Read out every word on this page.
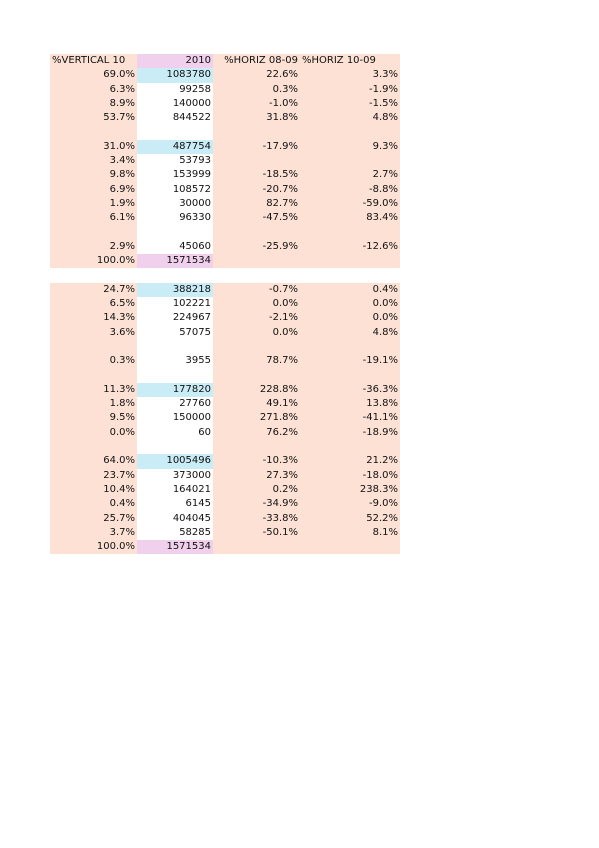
%VERTICAL 10	2010	%HORIZ 08-09	%HORIZ 10-09
69.0%	1083780	22.6%	3.3%
6.3%	99258	0.3%	-1.9%
8.9%	140000	-1.0%	-1.5%
53.7%	844522	31.8%	4.8%

31.0%	487754	-17.9%	9.3%
3.4%	53793		
9.8%	153999	-18.5%	2.7%
6.9%	108572	-20.7%	-8.8%
1.9%	30000	82.7%	-59.0%
6.1%	96330	-47.5%	83.4%

2.9%	45060	-25.9%	-12.6%
100.0%	1571534		

24.7%	388218	-0.7%	0.4%
6.5%	102221	0.0%	0.0%
14.3%	224967	-2.1%	0.0%
3.6%	57075	0.0%	4.8%

0.3%	3955	78.7%	-19.1%

11.3%	177820	228.8%	-36.3%
1.8%	27760	49.1%	13.8%
9.5%	150000	271.8%	-41.1%
0.0%	60	76.2%	-18.9%

64.0%	1005496	-10.3%	21.2%
23.7%	373000	27.3%	-18.0%
10.4%	164021	0.2%	238.3%
0.4%	6145	-34.9%	-9.0%
25.7%	404045	-33.8%	52.2%
3.7%	58285	-50.1%	8.1%
100.0%	1571534		
